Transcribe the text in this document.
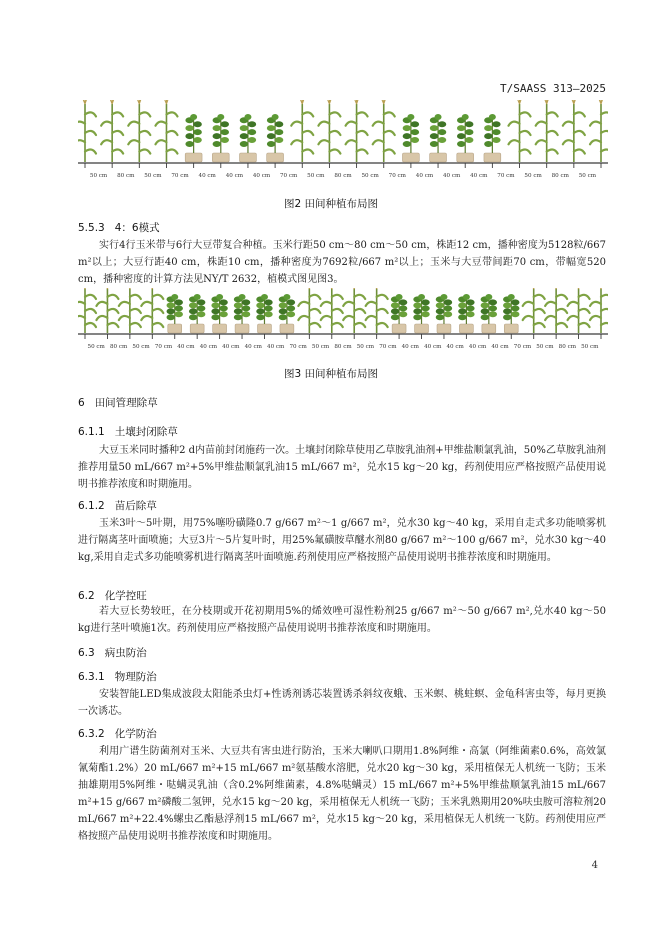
T/SAASS 313—2025
50 cm 80 cm 50 cm 70 cm 40 cm 40 cm 40 cm 70 cm 50 cm 80 cm 50 cm 70 cm 40 cm 40 cm 40 cm 70 cm 50 cm 80 cm 50 cm
图2 田间种植布局图
5.5.3 4：6模式
实行4行玉米带与6行大豆带复合种植。玉米行距50 cm～80 cm～50 cm，株距12 cm，播种密度为5128粒/667 m²以上；大豆行距40 cm，株距10 cm，播种密度为7692粒/667 m²以上；玉米与大豆带间距70 cm，带幅宽520 cm，播种密度的计算方法见NY/T 2632，植模式图见图3。
50 cm 80 cm 50 cm 70 cm 40 cm 40 cm 40 cm 40 cm 40 cm 70 cm 50 cm 80 cm 50 cm 70 cm 40 cm 40 cm 40 cm 40 cm 40 cm 70 cm 50 cm 80 cm 50 cm
图3 田间种植布局图
6 田间管理除草
6.1.1 土壤封闭除草
大豆玉米同时播种2 d内苗前封闭施药一次。土壤封闭除草使用乙草胺乳油剂+甲维盐顺氯乳油，50%乙草胺乳油剂推荐用量50 mL/667 m²+5%甲维盐顺氯乳油15 mL/667 m²，兑水15 kg～20 kg，药剂使用应严格按照产品使用说明书推荐浓度和时期施用。
6.1.2 苗后除草
玉米3叶～5叶期，用75%噻吩磺隆0.7 g/667 m²～1 g/667 m²，兑水30 kg～40 kg，采用自走式多功能喷雾机进行隔离茎叶面喷施；大豆3片～5片复叶时，用25%氟磺胺草醚水剂80 g/667 m²～100 g/667 m²，兑水30 kg～40 kg,采用自走式多功能喷雾机进行隔离茎叶面喷施.药剂使用应严格按照产品使用说明书推荐浓度和时期施用。
6.2 化学控旺
若大豆长势较旺，在分枝期或开花初期用5%的烯效唑可湿性粉剂25 g/667 m²～50 g/667 m²,兑水40 kg～50 kg进行茎叶喷施1次。药剂使用应严格按照产品使用说明书推荐浓度和时期施用。
6.3 病虫防治
6.3.1 物理防治
安装智能LED集成波段太阳能杀虫灯+性诱剂诱芯装置诱杀斜纹夜蛾、玉米螟、桃蛀螟、金龟科害虫等，每月更换一次诱芯。
6.3.2 化学防治
利用广谱生防菌剂对玉米、大豆共有害虫进行防治，玉米大喇叭口期用1.8%阿维・高氯（阿维菌素0.6%，高效氯氰菊酯1.2%）20 mL/667 m²+15 mL/667 m²氨基酸水溶肥，兑水20 kg～30 kg，采用植保无人机统一飞防；玉米抽雄期用5%阿维・哒螨灵乳油（含0.2%阿维菌素，4.8%哒螨灵）15 mL/667 m²+5%甲维盐顺氯乳油15 mL/667 m²+15 g/667 m²磷酸二氢钾，兑水15 kg～20 kg，采用植保无人机统一飞防；玉米乳熟期用20%呋虫胺可溶粒剂20 mL/667 m²+22.4%螺虫乙酯悬浮剂15 mL/667 m²，兑水15 kg～20 kg，采用植保无人机统一飞防。药剂使用应严格按照产品使用说明书推荐浓度和时期施用。
4
